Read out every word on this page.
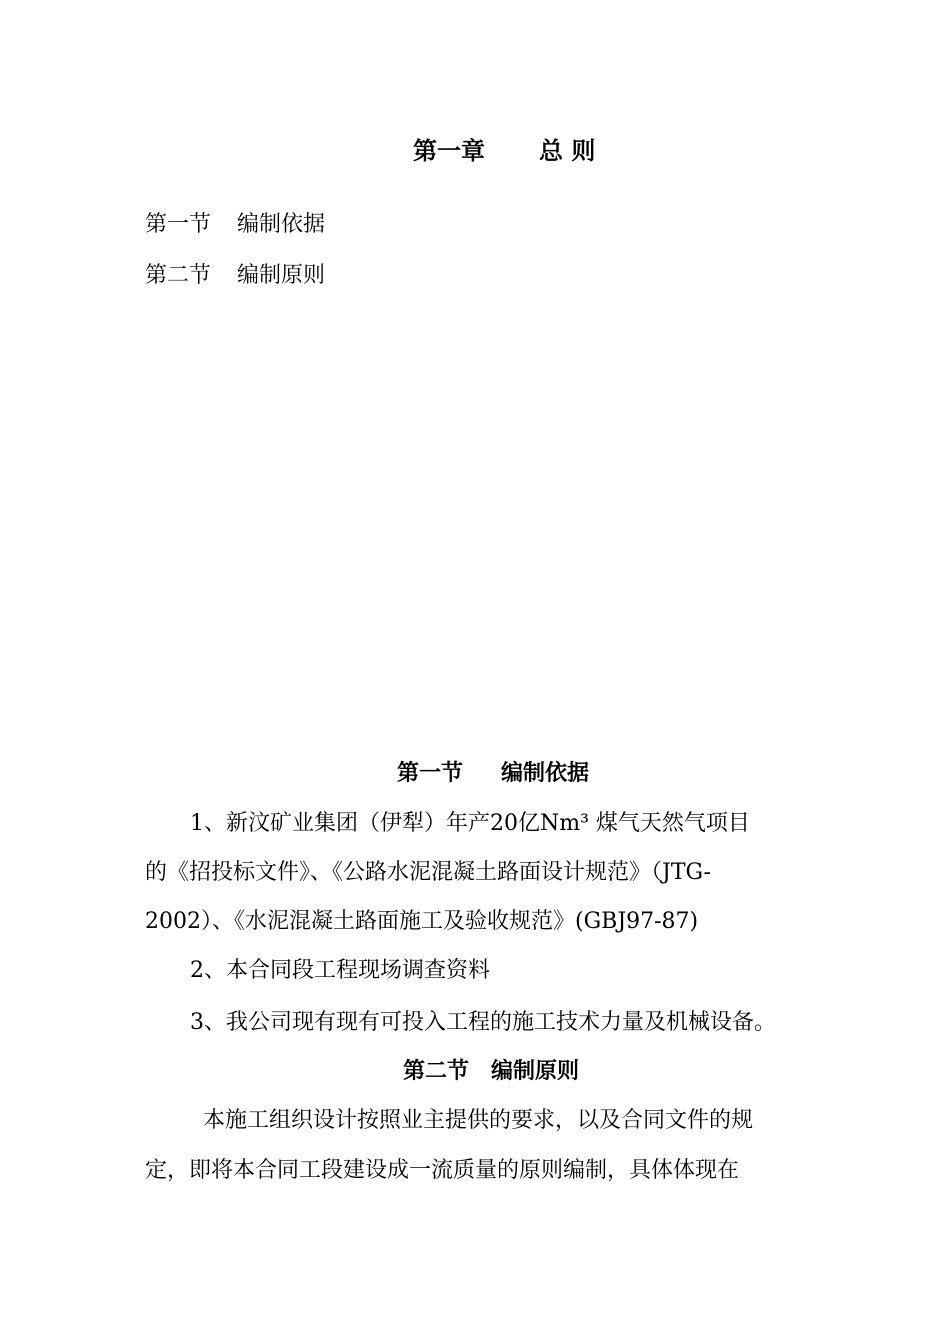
第一章 总 则
第一节 编制依据
第二节 编制原则
第一节 编制依据
1、新汶矿业集团（伊犁）年产20亿Nm³ 煤气天然气项目
的《招投标文件》、《公路水泥混凝土路面设计规范》（JTG-
2002）、《水泥混凝土路面施工及验收规范》(GBJ97-87)
2、本合同段工程现场调查资料
3、我公司现有现有可投入工程的施工技术力量及机械设备。
第二节 编制原则
本施工组织设计按照业主提供的要求，以及合同文件的规
定，即将本合同工段建设成一流质量的原则编制，具体体现在
